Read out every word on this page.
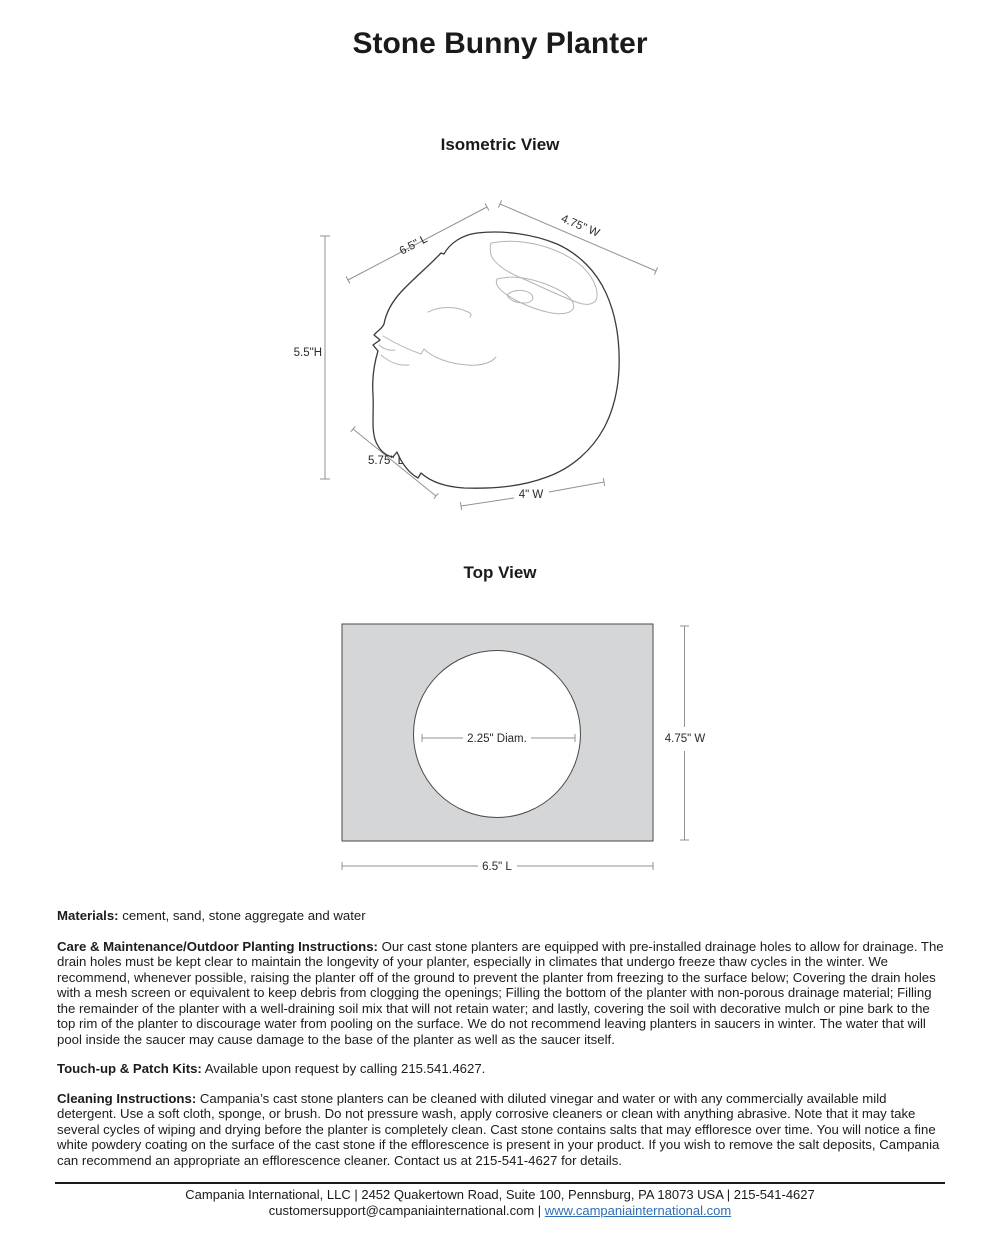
Stone Bunny Planter
Isometric View
6.5" L
4.75" W
5.5"H
5.75" L
4" W
Top View
2.25" Diam.	4.75" W
6.5" L

Materials: cement, sand, stone aggregate and water

Care & Maintenance/Outdoor Planting Instructions: Our cast stone planters are equipped with pre-installed drainage holes to allow for drainage. The drain holes must be kept clear to maintain the longevity of your planter, especially in climates that undergo freeze thaw cycles in the winter. We recommend, whenever possible, raising the planter off of the ground to prevent the planter from freezing to the surface below; Covering the drain holes with a mesh screen or equivalent to keep debris from clogging the openings; Filling the bottom of the planter with non-porous drainage material; Filling the remainder of the planter with a well-draining soil mix that will not retain water; and lastly, covering the soil with decorative mulch or pine bark to the top rim of the planter to discourage water from pooling on the surface. We do not recommend leaving planters in saucers in winter. The water that will pool inside the saucer may cause damage to the base of the planter as well as the saucer itself.

Touch-up & Patch Kits: Available upon request by calling 215.541.4627.

Cleaning Instructions: Campania’s cast stone planters can be cleaned with diluted vinegar and water or with any commercially available mild detergent. Use a soft cloth, sponge, or brush. Do not pressure wash, apply corrosive cleaners or clean with anything abrasive. Note that it may take several cycles of wiping and drying before the planter is completely clean. Cast stone contains salts that may effloresce over time. You will notice a fine white powdery coating on the surface of the cast stone if the efflorescence is present in your product. If you wish to remove the salt deposits, Campania can recommend an appropriate an efflorescence cleaner. Contact us at 215-541-4627 for details.

Campania International, LLC | 2452 Quakertown Road, Suite 100, Pennsburg, PA 18073 USA | 215-541-4627
customersupport@campaniainternational.com | www.campaniainternational.com
